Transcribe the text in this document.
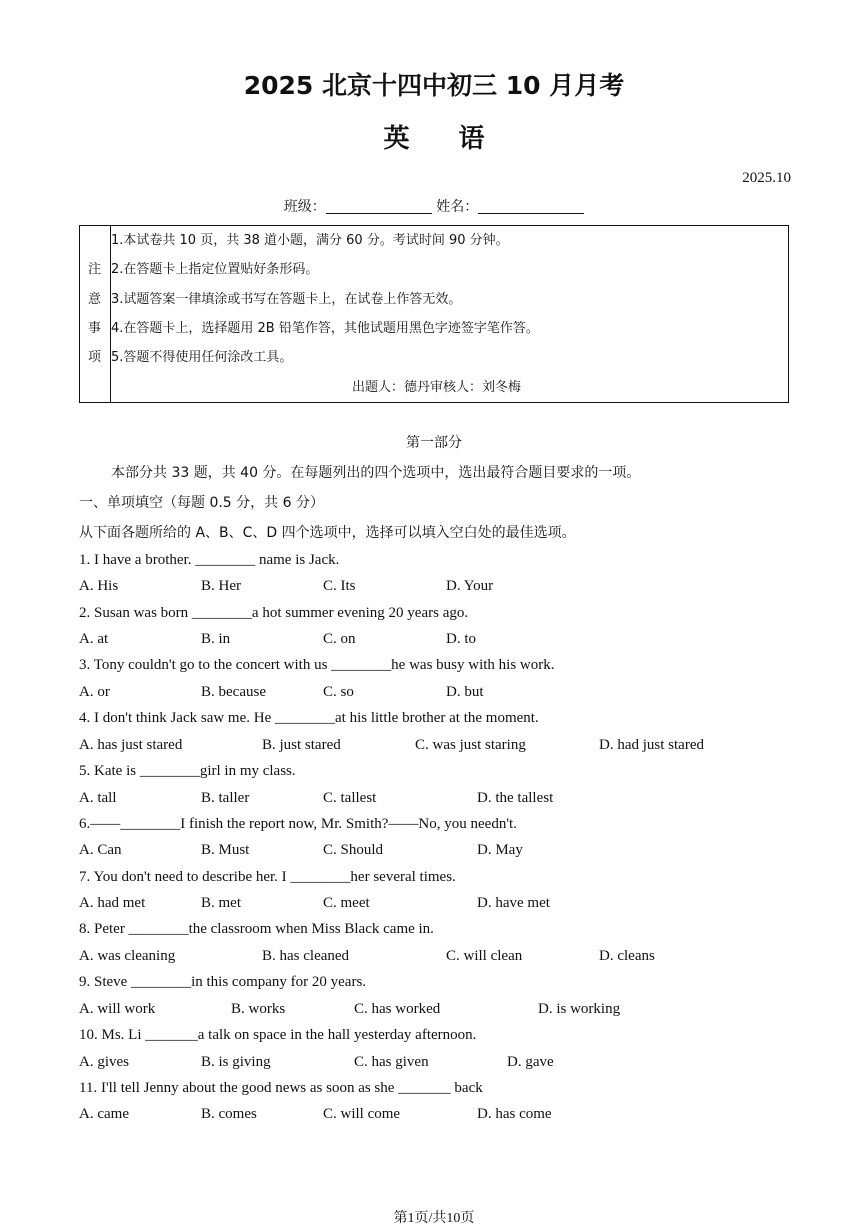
2025 北京十四中初三 10 月月考
英 语
2025.10
班级：	姓名：
注
意
事
项
1.本试卷共 10 页，共 38 道小题，满分 60 分。考试时间 90 分钟。
2.在答题卡上指定位置贴好条形码。
3.试题答案一律填涂或书写在答题卡上，在试卷上作答无效。
4.在答题卡上，选择题用 2B 铅笔作答，其他试题用黑色字迹签字笔作答。
5.答题不得使用任何涂改工具。
出题人：德丹审核人：刘冬梅
第一部分
本部分共 33 题，共 40 分。在每题列出的四个选项中，选出最符合题目要求的一项。
一、单项填空（每题 0.5 分，共 6 分）
从下面各题所给的 A、B、C、D 四个选项中，选择可以填入空白处的最佳选项。
1. I have a brother. ________ name is Jack.
A. His	B. Her	C. Its	D. Your
2. Susan was born ________a hot summer evening 20 years ago.
A. at	B. in	C. on	D. to
3. Tony couldn't go to the concert with us ________he was busy with his work.
A. or	B. because	C. so	D. but
4. I don't think Jack saw me. He ________at his little brother at the moment.
A. has just stared	B. just stared	C. was just staring	D. had just stared
5. Kate is ________girl in my class.
A. tall	B. taller	C. tallest	D. the tallest
6.——________I finish the report now, Mr. Smith?——No, you needn't.
A. Can	B. Must	C. Should	D. May
7. You don't need to describe her. I ________her several times.
A. had met	B. met	C. meet	D. have met
8. Peter ________the classroom when Miss Black came in.
A. was cleaning	B. has cleaned	C. will clean	D. cleans
9. Steve ________in this company for 20 years.
A. will work	B. works	C. has worked	D. is working
10. Ms. Li _______a talk on space in the hall yesterday afternoon.
A. gives	B. is giving	C. has given	D. gave
11. I'll tell Jenny about the good news as soon as she _______ back
A. came	B. comes	C. will come	D. has come
第1页/共10页
